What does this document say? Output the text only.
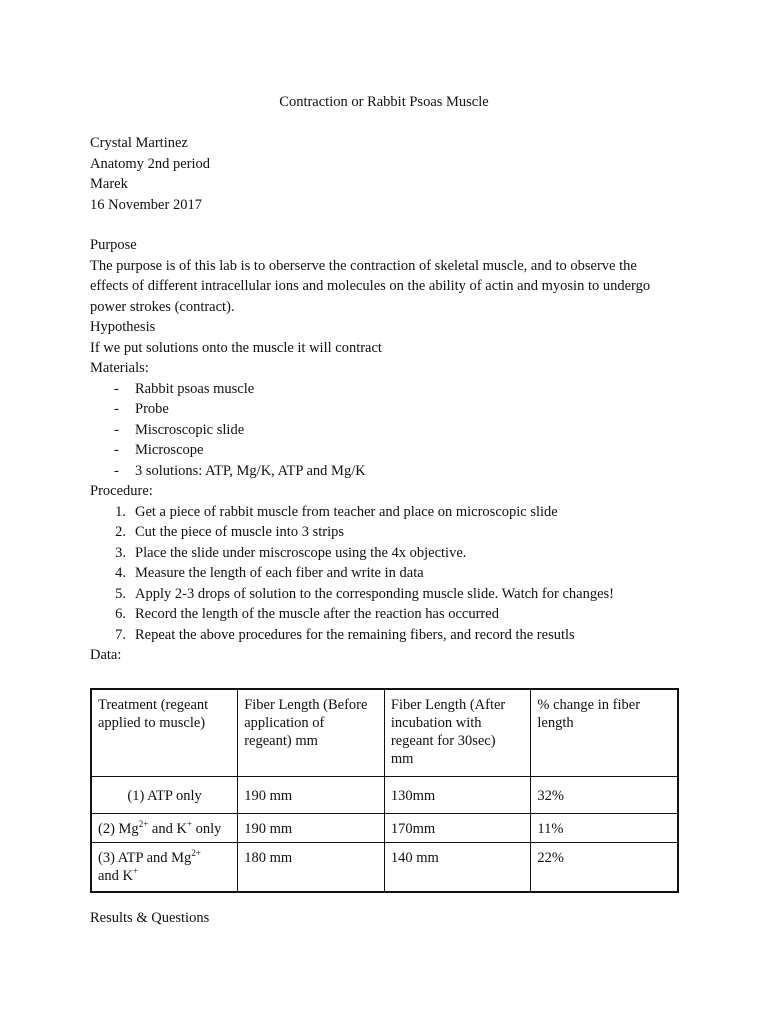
Contraction or Rabbit Psoas Muscle
Crystal Martinez
Anatomy 2nd period
Marek
16 November 2017
Purpose
The purpose is of this lab is to oberserve the contraction of skeletal muscle, and to observe the
effects of different intracellular ions and molecules on the ability of actin and myosin to undergo
power strokes (contract).
Hypothesis
If we put solutions onto the muscle it will contract
Materials:
- Rabbit psoas muscle
- Probe
- Miscroscopic slide
- Microscope
- 3 solutions: ATP, Mg/K, ATP and Mg/K
Procedure:
1. Get a piece of rabbit muscle from teacher and place on microscopic slide
2. Cut the piece of muscle into 3 strips
3. Place the slide under miscroscope using the 4x objective.
4. Measure the length of each fiber and write in data
5. Apply 2-3 drops of solution to the corresponding muscle slide. Watch for changes!
6. Record the length of the muscle after the reaction has occurred
7. Repeat the above procedures for the remaining fibers, and record the resutls
Data:
Treatment (regeant
applied to muscle)	Fiber Length (Before
application of
regeant) mm	Fiber Length (After
incubation with
regeant for 30sec)
mm	% change in fiber
length

(1) ATP only	190 mm	130mm	32%
(2) $Mg^{2+}$ and K+ only	190 mm	170mm	11%

(3) ATP and $Mg^{2+}$
and K+	180 mm	140 mm	22%
Results & Questions
